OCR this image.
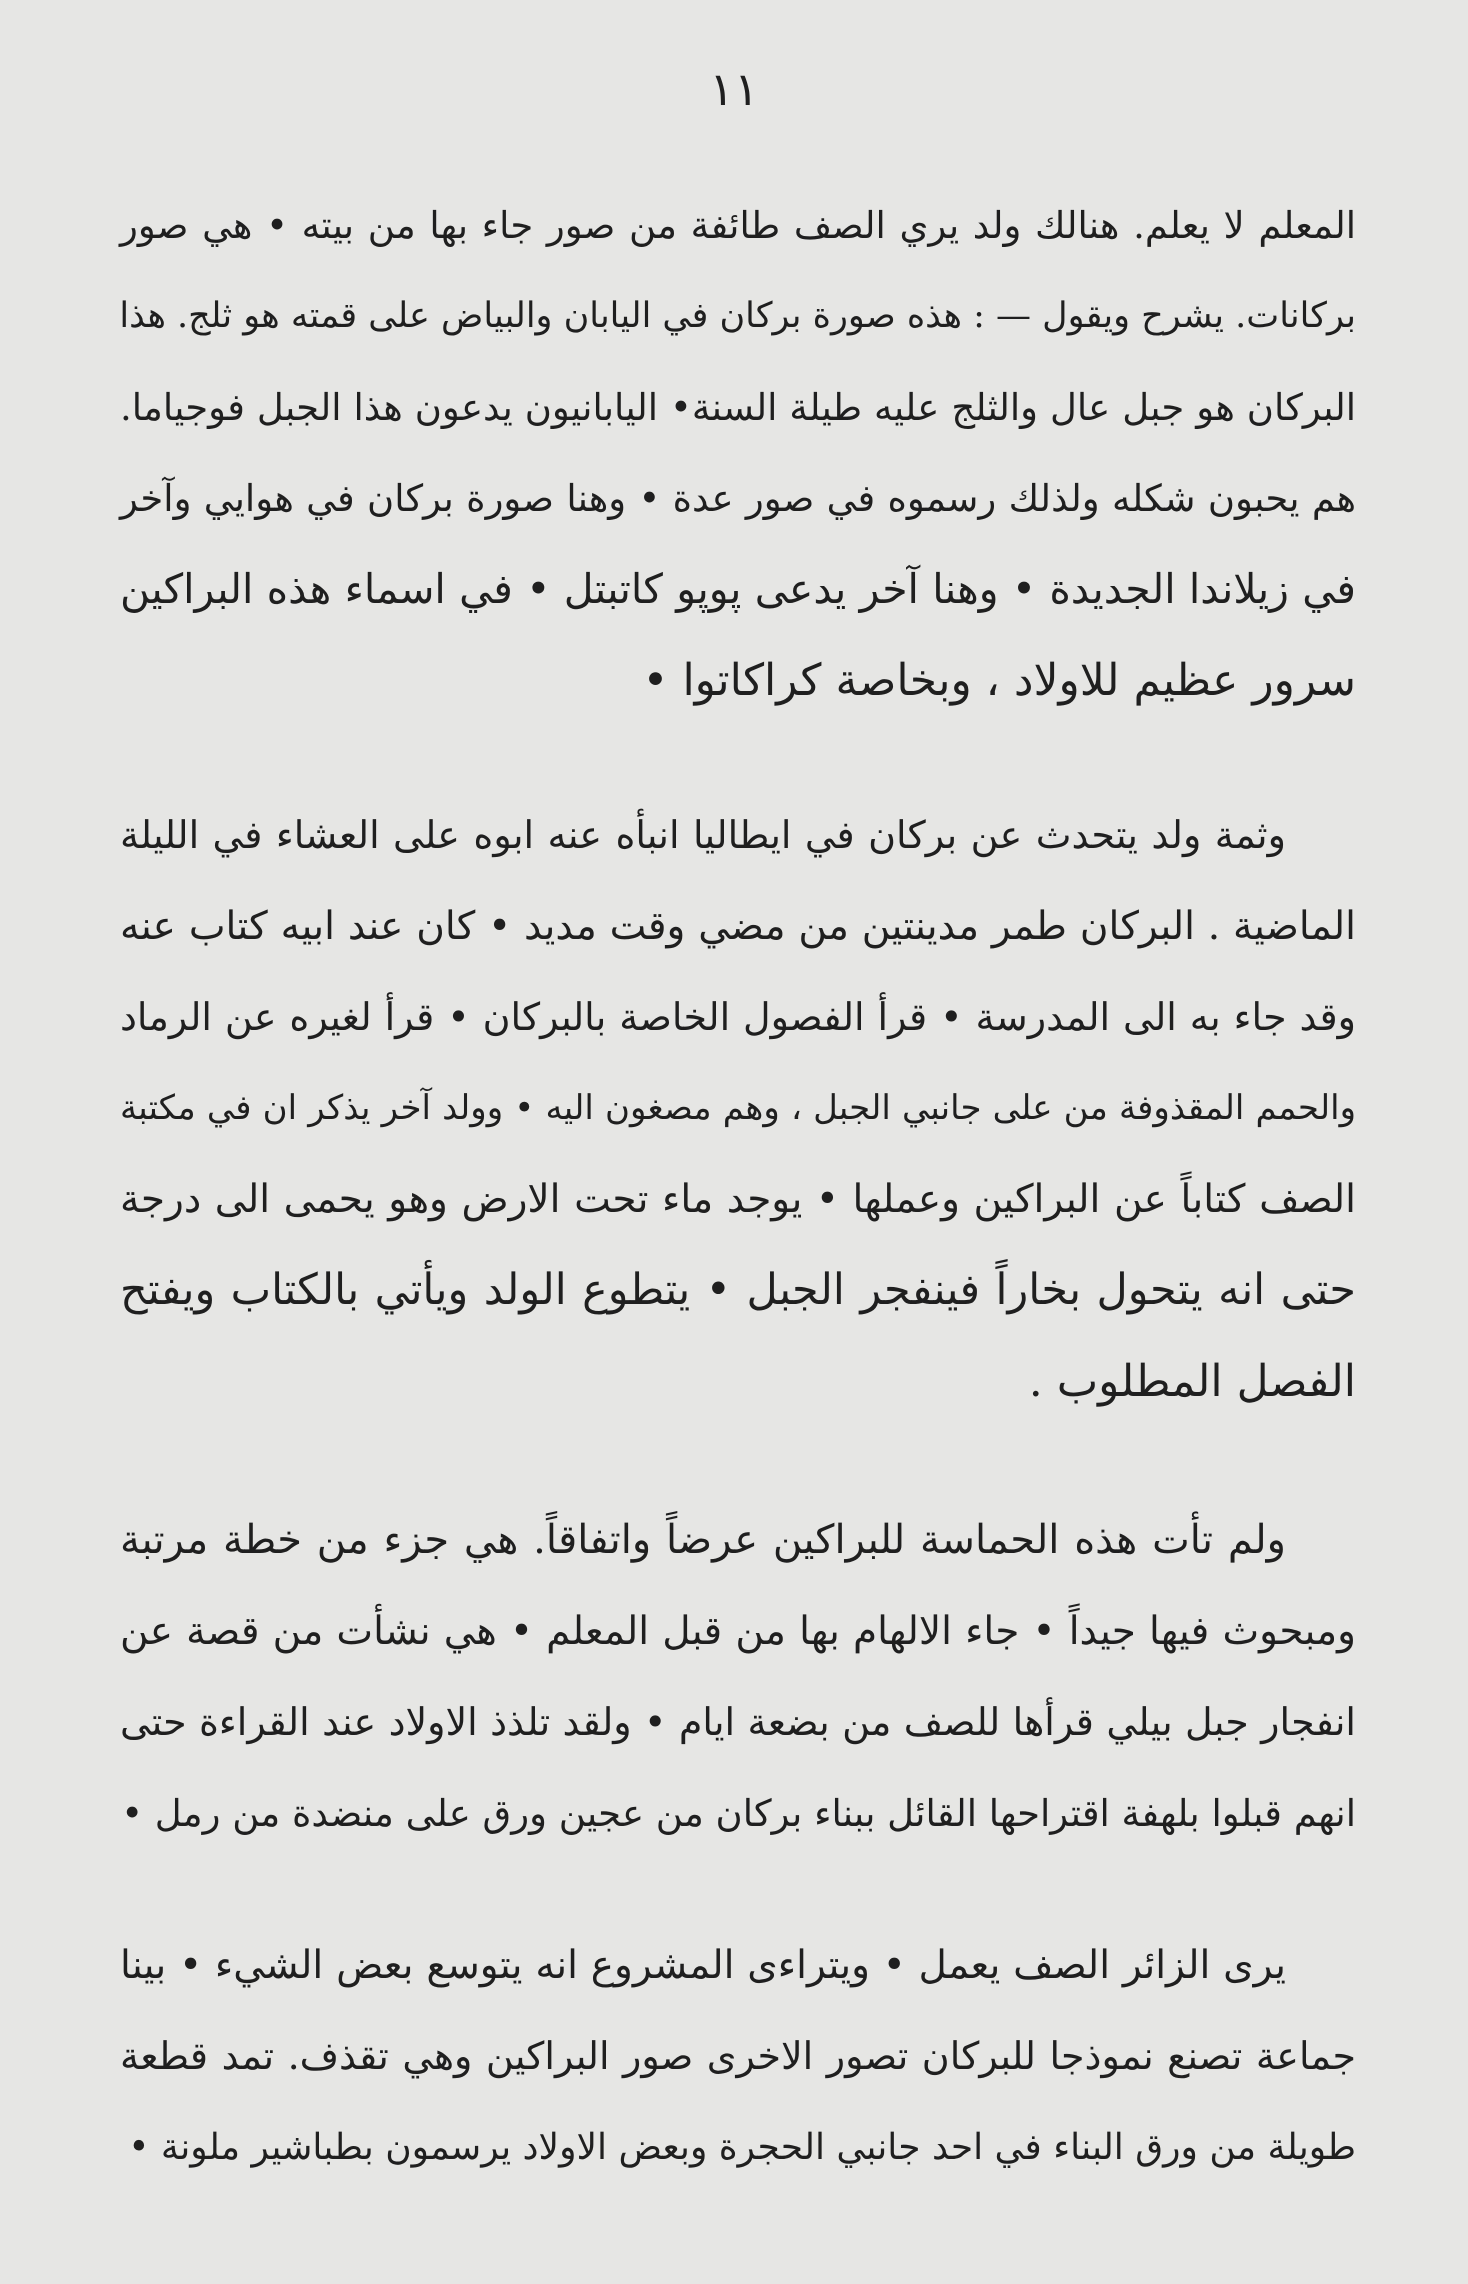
١١
المعلم لا يعلم. هنالك ولد يري الصف طائفة من صور جاء بها من بيته • هي صور
بركانات. يشرح ويقول — : هذه صورة بركان في اليابان والبياض على قمته هو ثلج. هذا
البركان هو جبل عال والثلج عليه طيلة السنة• اليابانيون يدعون هذا الجبل فوجياما.
هم يحبون شكله ولذلك رسموه في صور عدة • وهنا صورة بركان في هوايي وآخر
في زيلاندا الجديدة • وهنا آخر يدعى پوپو كاتبتل • في اسماء هذه البراكين
سرور عظيم للاولاد ، وبخاصة كراكاتوا •
وثمة ولد يتحدث عن بركان في ايطاليا انبأه عنه ابوه على العشاء في الليلة
الماضية . البركان طمر مدينتين من مضي وقت مديد • كان عند ابيه كتاب عنه
وقد جاء به الى المدرسة • قرأ الفصول الخاصة بالبركان • قرأ لغيره عن الرماد
والحمم المقذوفة من على جانبي الجبل ، وهم مصغون اليه • وولد آخر يذكر ان في مكتبة
الصف كتاباً عن البراكين وعملها • يوجد ماء تحت الارض وهو يحمى الى درجة
حتى انه يتحول بخاراً فينفجر الجبل • يتطوع الولد ويأتي بالكتاب ويفتح
الفصل المطلوب .
ولم تأت هذه الحماسة للبراكين عرضاً واتفاقاً. هي جزء من خطة مرتبة
ومبحوث فيها جيداً • جاء الالهام بها من قبل المعلم • هي نشأت من قصة عن
انفجار جبل بيلي قرأها للصف من بضعة ايام • ولقد تلذذ الاولاد عند القراءة حتى
انهم قبلوا بلهفة اقتراحها القائل ببناء بركان من عجين ورق على منضدة من رمل •
يرى الزائر الصف يعمل • ويتراءى المشروع انه يتوسع بعض الشيء • بينا
جماعة تصنع نموذجا للبركان تصور الاخرى صور البراكين وهي تقذف. تمد قطعة
طويلة من ورق البناء في احد جانبي الحجرة وبعض الاولاد يرسمون بطباشير ملونة •
